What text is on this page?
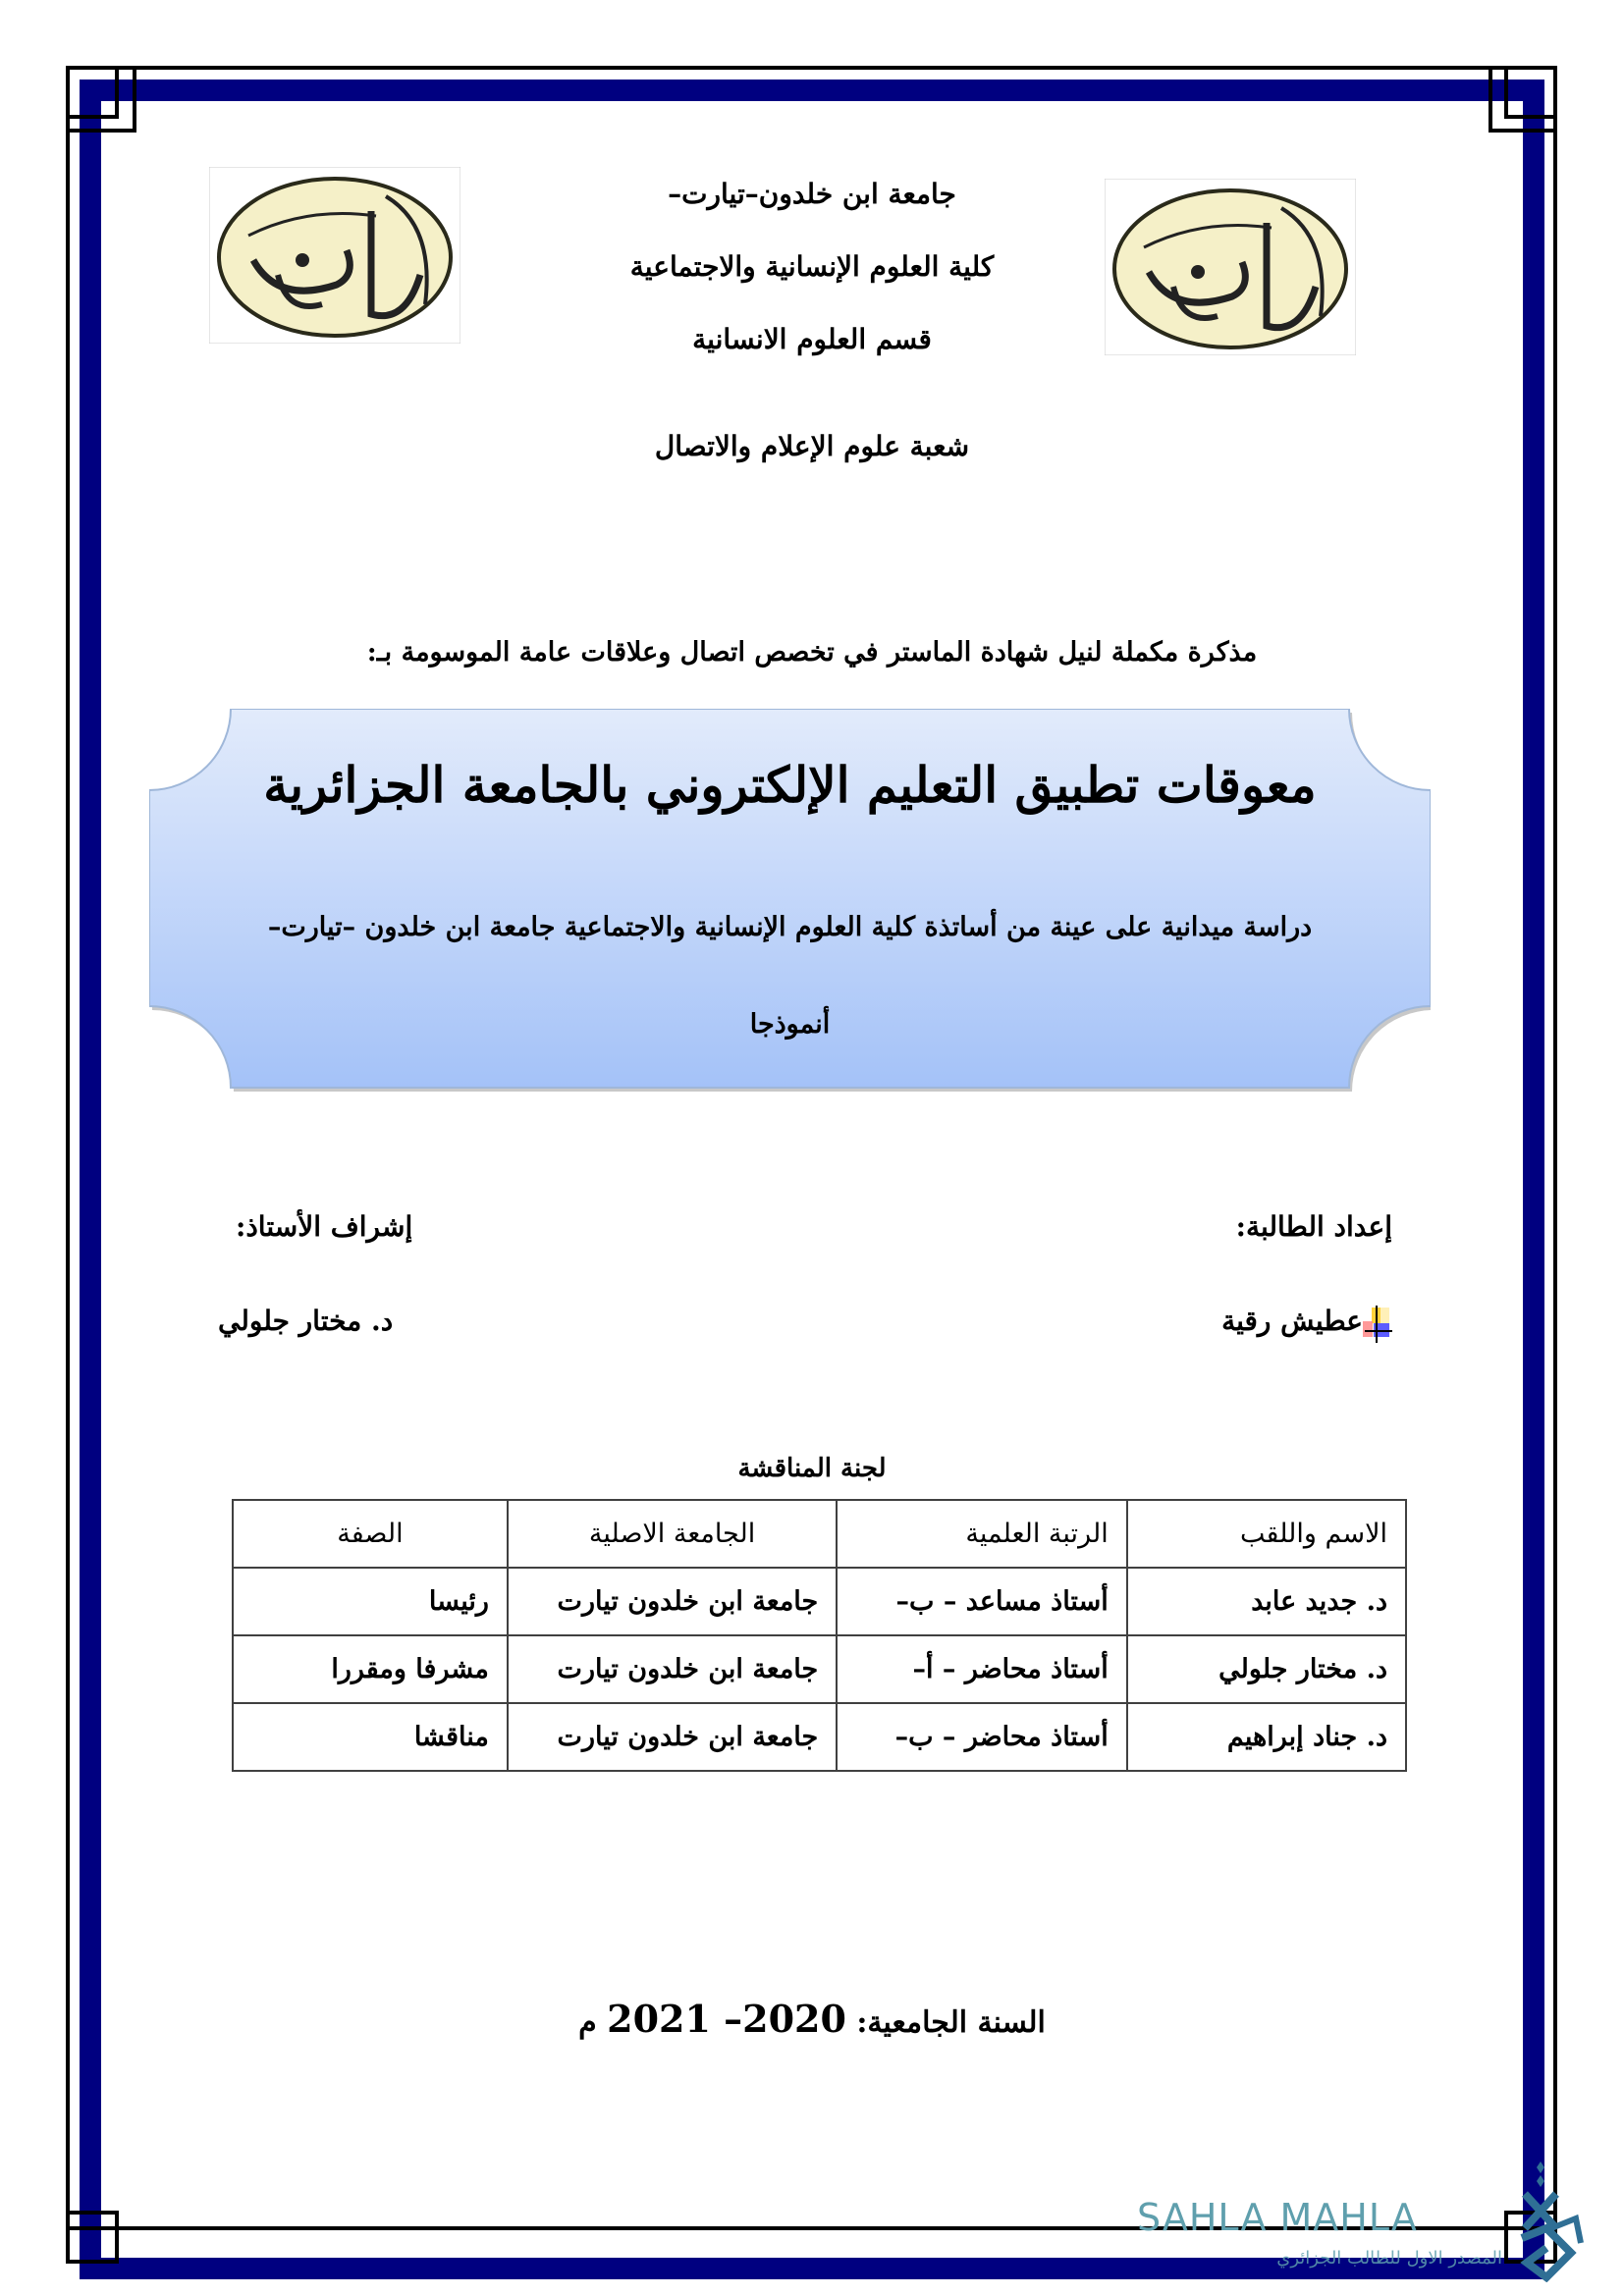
جامعة ابن خلدون–تيارت–
كلية العلوم الإنسانية والاجتماعية
قسم العلوم الانسانية
شعبة علوم الإعلام والاتصال
مذكرة مكملة لنيل شهادة الماستر في تخصص اتصال وعلاقات عامة الموسومة بـ:
معوقات تطبيق التعليم الإلكتروني بالجامعة الجزائرية
دراسة ميدانية على عينة من أساتذة كلية العلوم الإنسانية والاجتماعية جامعة ابن خلدون –تيارت–
أنموذجا
إعداد الطالبة:
إشراف الأستاذ:
عطيش رقية
د. مختار جلولي
لجنة المناقشة
الاسم واللقب	الرتبة العلمية	الجامعة الاصلية	الصفة
د. جديد عابد	أستاذ مساعد – ب–	جامعة ابن خلدون تيارت	رئيسا
د. مختار جلولي	أستاذ محاضر – أ–	جامعة ابن خلدون تيارت	مشرفا ومقررا
د. جناد إبراهيم	أستاذ محاضر – ب–	جامعة ابن خلدون تيارت	مناقشا
السنة الجامعية: 2020– 2021 م
SAHLA MAHLA
المصدر الاول للطالب الجزائري
